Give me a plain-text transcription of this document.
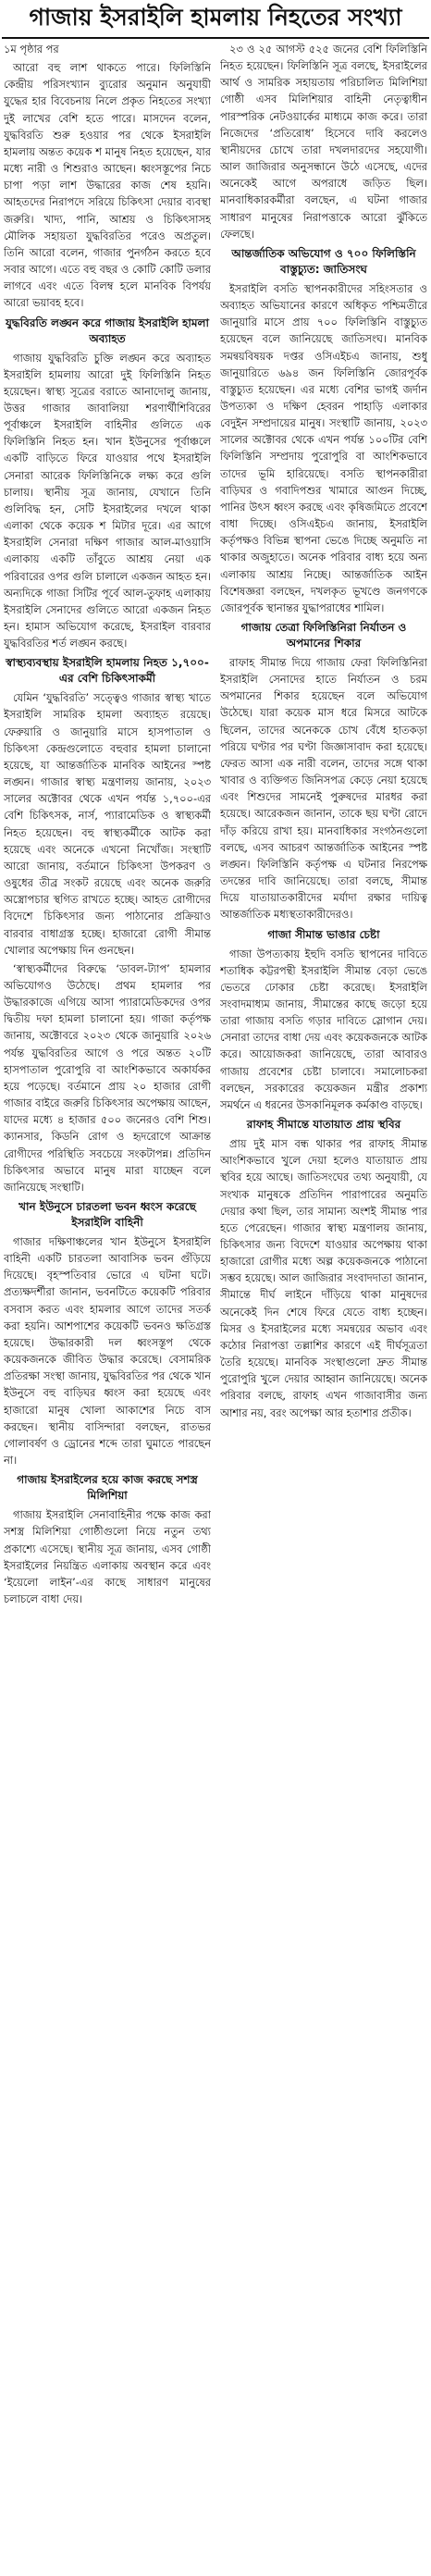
গাজায় ইসরাইলি হামলায় নিহতের সংখ্যা
১ম পৃষ্ঠার পর

আরো বহু লাশ থাকতে পারে। ফিলিস্তিনি কেন্দ্রীয় পরিসংখ্যান ব্যুরোর অনুমান অনুযায়ী যুদ্ধের হার বিবেচনায় নিলে প্রকৃত নিহতের সংখ্যা দুই লাখের বেশি হতে পারে। মাসদেন বলেন, যুদ্ধবিরতি শুরু হওয়ার পর থেকে ইসরাইলি হামলায় অন্তত কয়েক শ মানুষ নিহত হয়েছেন, যার মধ্যে নারী ও শিশুরাও আছেন। ধ্বংসস্তূপের নিচে চাপা পড়া লাশ উদ্ধারের কাজ শেষ হয়নি। আহতদের নিরাপদে সরিয়ে চিকিৎসা দেয়ার ব্যবস্থা জরুরি। খাদ্য, পানি, আশ্রয় ও চিকিৎসাসহ মৌলিক সহায়তা যুদ্ধবিরতির পরেও অপ্রতুল। তিনি আরো বলেন, গাজার পুনর্গঠন করতে হবে সবার আগে। এতে বহু বছর ও কোটি কোটি ডলার লাগবে এবং এতে বিলম্ব হলে মানবিক বিপর্যয় আরো ভয়াবহ হবে।

যুদ্ধবিরতি লঙ্ঘন করে গাজায় ইসরাইলি হামলা অব্যাহত

গাজায় যুদ্ধবিরতি চুক্তি লঙ্ঘন করে অব্যাহত ইসরাইলি হামলায় আরো দুই ফিলিস্তিনি নিহত হয়েছেন। স্বাস্থ্য সূত্রের বরাতে আনাদোলু জানায়, উত্তর গাজার জাবালিয়া শরণার্থীশিবিরের পূর্বাঞ্চলে ইসরাইলি বাহিনীর গুলিতে এক ফিলিস্তিনি নিহত হন। খান ইউনুসের পূর্বাঞ্চলে একটি বাড়িতে ফিরে যাওয়ার পথে ইসরাইলি সেনারা আরেক ফিলিস্তিনিকে লক্ষ্য করে গুলি চালায়। স্থানীয় সূত্র জানায়, যেখানে তিনি গুলিবিদ্ধ হন, সেটি ইসরাইলের দখলে থাকা এলাকা থেকে কয়েক শ মিটার দূরে। এর আগে ইসরাইলি সেনারা দক্ষিণ গাজার আল-মাওয়াসি এলাকায় একটি তাঁবুতে আশ্রয় নেয়া এক পরিবারের ওপর গুলি চালালে একজন আহত হন। অন্যদিকে গাজা সিটির পূর্বে আল-তুফাহ এলাকায় ইসরাইলি সেনাদের গুলিতে আরো একজন নিহত হন। হামাস অভিযোগ করেছে, ইসরাইল বারবার যুদ্ধবিরতির শর্ত লঙ্ঘন করছে।

স্বাস্থ্যব্যবস্থায় ইসরাইলি হামলায় নিহত ১,৭০০-এর বেশি চিকিৎসাকর্মী

যেমিন ‘যুদ্ধবিরতি’ সত্ত্বেও গাজার স্বাস্থ্য খাতে ইসরাইলি সামরিক হামলা অব্যাহত রয়েছে। ফেরুয়ারি ও জানুয়ারি মাসে হাসপাতাল ও চিকিৎসা কেন্দ্রগুলোতে বহুবার হামলা চালানো হয়েছে, যা আন্তর্জাতিক মানবিক আইনের স্পষ্ট লঙ্ঘন। গাজার স্বাস্থ্য মন্ত্রণালয় জানায়, ২০২৩ সালের অক্টোবর থেকে এখন পর্যন্ত ১,৭০০-এর বেশি চিকিৎসক, নার্স, প্যারামেডিক ও স্বাস্থ্যকর্মী নিহত হয়েছেন। বহু স্বাস্থ্যকর্মীকে আটক করা হয়েছে এবং অনেকে এখনো নিখোঁজ। সংস্থাটি আরো জানায়, বর্তমানে চিকিৎসা উপকরণ ও ওষুধের তীব্র সংকট রয়েছে এবং অনেক জরুরি অস্ত্রোপচার স্থগিত রাখতে হচ্ছে। আহত রোগীদের বিদেশে চিকিৎসার জন্য পাঠানোর প্রক্রিয়াও বারবার বাধাগ্রস্ত হচ্ছে। হাজারো রোগী সীমান্ত খোলার অপেক্ষায় দিন গুনছেন।

‘স্বাস্থ্যকর্মীদের বিরুদ্ধে ‘ডাবল-ট্যাপ’ হামলার অভিযোগও উঠেছে। প্রথম হামলার পর উদ্ধারকাজে এগিয়ে আসা প্যারামেডিকদের ওপর দ্বিতীয় দফা হামলা চালানো হয়। গাজা কর্তৃপক্ষ জানায়, অক্টোবরে ২০২৩ থেকে জানুয়ারি ২০২৬ পর্যন্ত যুদ্ধবিরতির আগে ও পরে অন্তত ২০টি হাসপাতাল পুরোপুরি বা আংশিকভাবে অকার্যকর হয়ে পড়েছে। বর্তমানে প্রায় ২০ হাজার রোগী গাজার বাইরে জরুরি চিকিৎসার অপেক্ষায় আছেন, যাদের মধ্যে ৪ হাজার ৫০০ জনেরও বেশি শিশু। ক্যানসার, কিডনি রোগ ও হৃদরোগে আক্রান্ত রোগীদের পরিস্থিতি সবচেয়ে সংকটাপন্ন। প্রতিদিন চিকিৎসার অভাবে মানুষ মারা যাচ্ছেন বলে জানিয়েছে সংস্থাটি।

খান ইউনুসে চারতলা ভবন ধ্বংস করেছে ইসরাইলি বাহিনী

গাজার দক্ষিণাঞ্চলের খান ইউনুসে ইসরাইলি বাহিনী একটি চারতলা আবাসিক ভবন গুঁড়িয়ে দিয়েছে। বৃহস্পতিবার ভোরে এ ঘটনা ঘটে। প্রত্যক্ষদর্শীরা জানান, ভবনটিতে কয়েকটি পরিবার বসবাস করত এবং হামলার আগে তাদের সতর্ক করা হয়নি। আশপাশের কয়েকটি ভবনও ক্ষতিগ্রস্ত হয়েছে। উদ্ধারকারী দল ধ্বংসস্তূপ থেকে কয়েকজনকে জীবিত উদ্ধার করেছে। বেসামরিক প্রতিরক্ষা সংস্থা জানায়, যুদ্ধবিরতির পর থেকে খান ইউনুসে বহু বাড়িঘর ধ্বংস করা হয়েছে এবং হাজারো মানুষ খোলা আকাশের নিচে বাস করছেন। স্থানীয় বাসিন্দারা বলছেন, রাতভর গোলাবর্ষণ ও ড্রোনের শব্দে তারা ঘুমাতে পারছেন না।

গাজায় ইসরাইলের হয়ে কাজ করছে সশস্ত্র মিলিশিয়া

গাজায় ইসরাইলি সেনাবাহিনীর পক্ষে কাজ করা সশস্ত্র মিলিশিয়া গোষ্ঠীগুলো নিয়ে নতুন তথ্য প্রকাশ্যে এসেছে। স্থানীয় সূত্র জানায়, এসব গোষ্ঠী ইসরাইলের নিয়ন্ত্রিত এলাকায় অবস্থান করে এবং ‘ইয়েলো লাইন’-এর কাছে সাধারণ মানুষের চলাচলে বাধা দেয়।

২৩ ও ২৫ আগস্ট ৫২৫ জনের বেশি ফিলিস্তিনি নিহত হয়েছেন। ফিলিস্তিনি সূত্র বলছে, ইসরাইলের আর্থ ও সামরিক সহায়তায় পরিচালিত মিলিশিয়া গোষ্ঠী এসব মিলিশিয়ার বাহিনী নেতৃত্বাধীন পারস্পরিক নেটওয়ার্কের মাধ্যমে কাজ করে। তারা নিজেদের ‘প্রতিরোধ’ হিসেবে দাবি করলেও স্থানীয়দের চোখে তারা দখলদারদের সহযোগী। আল জাজিরার অনুসন্ধানে উঠে এসেছে, এদের অনেকেই আগে অপরাধে জড়িত ছিল। মানবাধিকারকর্মীরা বলছেন, এ ঘটনা গাজার সাধারণ মানুষের নিরাপত্তাকে আরো ঝুঁকিতে ফেলছে।

আন্তর্জাতিক অভিযোগ ও ৭০০ ফিলিস্তিনি বাস্তুচ্যুত: জাতিসংঘ

ইসরাইলি বসতি স্থাপনকারীদের সহিংসতার ও অব্যাহত অভিযানের কারণে অধিকৃত পশ্চিমতীরে জানুয়ারি মাসে প্রায় ৭০০ ফিলিস্তিনি বাস্তুচ্যুত হয়েছেন বলে জানিয়েছে জাতিসংঘ। মানবিক সমন্বয়বিষয়ক দপ্তর ওসিএইচএ জানায়, শুধু জানুয়ারিতে ৬৯৪ জন ফিলিস্তিনি জোরপূর্বক বাস্তুচ্যুত হয়েছেন। এর মধ্যে বেশির ভাগই জর্দান উপত্যকা ও দক্ষিণ হেবরন পাহাড়ি এলাকার বেদুইন সম্প্রদায়ের মানুষ। সংস্থাটি জানায়, ২০২৩ সালের অক্টোবর থেকে এখন পর্যন্ত ১০০টির বেশি ফিলিস্তিনি সম্প্রদায় পুরোপুরি বা আংশিকভাবে তাদের ভূমি হারিয়েছে। বসতি স্থাপনকারীরা বাড়িঘর ও গবাদিপশুর খামারে আগুন দিচ্ছে, পানির উৎস ধ্বংস করছে এবং কৃষিজমিতে প্রবেশে বাধা দিচ্ছে। ওসিএইচএ জানায়, ইসরাইলি কর্তৃপক্ষও বিভিন্ন স্থাপনা ভেঙে দিচ্ছে অনুমতি না থাকার অজুহাতে। অনেক পরিবার বাধ্য হয়ে অন্য এলাকায় আশ্রয় নিচ্ছে। আন্তর্জাতিক আইন বিশেষজ্ঞরা বলছেন, দখলকৃত ভূখণ্ডে জনগণকে জোরপূর্বক স্থানান্তর যুদ্ধাপরাধের শামিল।

গাজায় তেত্রা ফিলিস্তিনিরা নির্যাতন ও অপমানের শিকার

রাফাহ সীমান্ত দিয়ে গাজায় ফেরা ফিলিস্তিনিরা ইসরাইলি সেনাদের হাতে নির্যাতন ও চরম অপমানের শিকার হয়েছেন বলে অভিযোগ উঠেছে। যারা কয়েক মাস ধরে মিসরে আটকে ছিলেন, তাদের অনেককে চোখ বেঁধে হাতকড়া পরিয়ে ঘণ্টার পর ঘণ্টা জিজ্ঞাসাবাদ করা হয়েছে। ফেরত আসা এক নারী বলেন, তাদের সঙ্গে থাকা খাবার ও ব্যক্তিগত জিনিসপত্র কেড়ে নেয়া হয়েছে এবং শিশুদের সামনেই পুরুষদের মারধর করা হয়েছে। আরেকজন জানান, তাকে ছয় ঘণ্টা রোদে দাঁড় করিয়ে রাখা হয়। মানবাধিকার সংগঠনগুলো বলছে, এসব আচরণ আন্তর্জাতিক আইনের স্পষ্ট লঙ্ঘন। ফিলিস্তিনি কর্তৃপক্ষ এ ঘটনার নিরপেক্ষ তদন্তের দাবি জানিয়েছে। তারা বলছে, সীমান্ত দিয়ে যাতায়াতকারীদের মর্যাদা রক্ষার দায়িত্ব আন্তর্জাতিক মধ্যস্থতাকারীদেরও।

গাজা সীমান্ত ভাঙার চেষ্টা

গাজা উপত্যকায় ইহুদি বসতি স্থাপনের দাবিতে শতাধিক কট্টরপন্থী ইসরাইলি সীমান্ত বেড়া ভেঙে ভেতরে ঢোকার চেষ্টা করেছে। ইসরাইলি সংবাদমাধ্যম জানায়, সীমান্তের কাছে জড়ো হয়ে তারা গাজায় বসতি গড়ার দাবিতে স্লোগান দেয়। সেনারা তাদের বাধা দেয় এবং কয়েকজনকে আটক করে। আয়োজকরা জানিয়েছে, তারা আবারও গাজায় প্রবেশের চেষ্টা চালাবে। সমালোচকরা বলছেন, সরকারের কয়েকজন মন্ত্রীর প্রকাশ্য সমর্থনে এ ধরনের উসকানিমূলক কর্মকাণ্ড বাড়ছে।

রাফাহ সীমান্তে যাতায়াত প্রায় স্থবির

প্রায় দুই মাস বন্ধ থাকার পর রাফাহ সীমান্ত আংশিকভাবে খুলে দেয়া হলেও যাতায়াত প্রায় স্থবির হয়ে আছে। জাতিসংঘের তথ্য অনুযায়ী, যে সংখ্যক মানুষকে প্রতিদিন পারাপারের অনুমতি দেয়ার কথা ছিল, তার সামান্য অংশই সীমান্ত পার হতে পেরেছেন। গাজার স্বাস্থ্য মন্ত্রণালয় জানায়, চিকিৎসার জন্য বিদেশে যাওয়ার অপেক্ষায় থাকা হাজারো রোগীর মধ্যে অল্প কয়েকজনকে পাঠানো সম্ভব হয়েছে। আল জাজিরার সংবাদদাতা জানান, সীমান্তে দীর্ঘ লাইনে দাঁড়িয়ে থাকা মানুষদের অনেকেই দিন শেষে ফিরে যেতে বাধ্য হচ্ছেন। মিসর ও ইসরাইলের মধ্যে সমন্বয়ের অভাব এবং কঠোর নিরাপত্তা তল্লাশির কারণে এই দীর্ঘসূত্রতা তৈরি হয়েছে। মানবিক সংস্থাগুলো দ্রুত সীমান্ত পুরোপুরি খুলে দেয়ার আহ্বান জানিয়েছে। অনেক পরিবার বলছে, রাফাহ এখন গাজাবাসীর জন্য আশার নয়, বরং অপেক্ষা আর হতাশার প্রতীক।
